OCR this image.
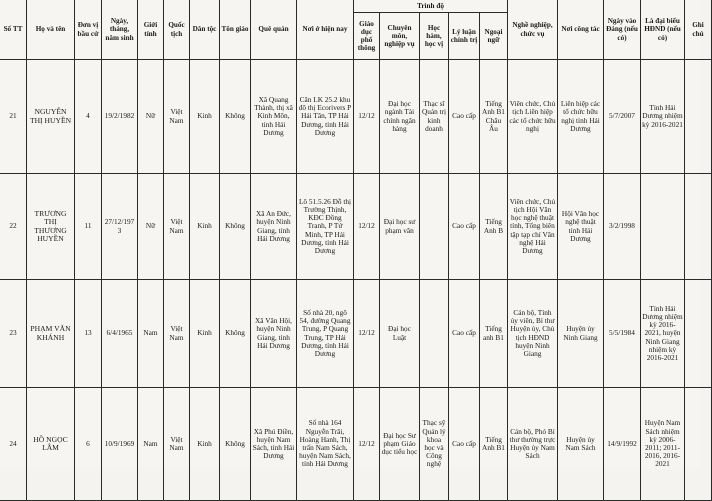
Số TT	Họ và tên	Đơn vị bầu cử	Ngày, tháng, năm sinh	Giới tính	Quốc tịch	Dân tộc	Tôn giáo	Quê quán	Nơi ở hiện nay	Trình độ					Nghề nghiệp, chức vụ	Nơi công tác	Ngày vào Đảng (nếu có)	Là đại biểu HĐND (nếu có)	Ghi chú
										Giáo dục phổ thông	Chuyên môn, nghiệp vụ	Học hàm, học vị	Lý luận chính trị	Ngoại ngữ					
21	NGUYỄN THỊ HUYỀN	4	19/2/1982	Nữ	Việt Nam	Kinh	Không	Xã Quang Thành, thị xã Kinh Môn, tỉnh Hải Dương	Căn LK 25.2 khu đô thị Ecorivers P Hải Tân, TP Hải Dương, tỉnh Hải Dương	12/12	Đại học ngành Tài chính ngân hàng	Thạc sĩ Quản trị kinh doanh	Cao cấp	Tiếng Anh B1 Châu Âu	Viên chức, Chủ tịch Liên hiệp các tổ chức hữu nghị	Liên hiệp các tổ chức hữu nghị tỉnh Hải Dương	5/7/2007	Tỉnh Hải Dương nhiệm kỳ 2016-2021	
22	TRƯƠNG THỊ THƯƠNG HUYỀN	11	27/12/1973	Nữ	Việt Nam	Kinh	Không	Xã An Đức, huyện Ninh Giang, tỉnh Hải Dương	Lô 51.5.26 Đỗ thị Trường Thịnh, KĐC Đồng Tranh, P Tứ Minh, TP Hải Dương, tỉnh Hải Dương	12/12	Đại học sư phạm văn		Cao cấp	Tiếng Anh B	Viên chức, Chủ tịch Hội Văn học nghệ thuật tỉnh, Tổng biên tập tạp chí Văn nghệ Hải Dương	Hội Văn học nghệ thuật tỉnh Hải Dương	3/2/1998		
23	PHẠM VĂN KHÁNH	13	6/4/1965	Nam	Việt Nam	Kinh	Không	Xã Văn Hội, huyện Ninh Giang, tỉnh Hải Dương	Số nhà 20, ngõ 54, đường Quang Trung, P Quang Trung, TP Hải Dương, tỉnh Hải Dương	12/12	Đại học Luật		Cao cấp	Tiếng anh B1	Cán bộ, Tỉnh ủy viên, Bí thư Huyện ủy, Chủ tịch HĐND huyện Ninh Giang	Huyện ủy Ninh Giang	5/5/1984	Tỉnh Hải Dương nhiệm kỳ 2016-2021, huyện Ninh Giang nhiệm kỳ 2016-2021	
24	HỒ NGỌC LÂM	6	10/9/1969	Nam	Việt Nam	Kinh	Không	Xã Phú Điền, huyện Nam Sách, tỉnh Hải Dương	Số nhà 164 Nguyễn Trãi, Hoàng Hanh, Thị trấn Nam Sách, huyện Nam Sách, tỉnh Hải Dương	12/12	Đại học Sư phạm Giáo dục tiểu học	Thạc sỹ Quản lý khoa học và Công nghệ	Cao cấp	Tiếng Anh B1	Cán bộ, Phó Bí thư thường trực Huyện ủy Nam Sách	Huyện ủy Nam Sách	14/9/1992	Huyện Nam Sách nhiệm kỳ 2006-2011; 2011-2016, 2016-2021	
